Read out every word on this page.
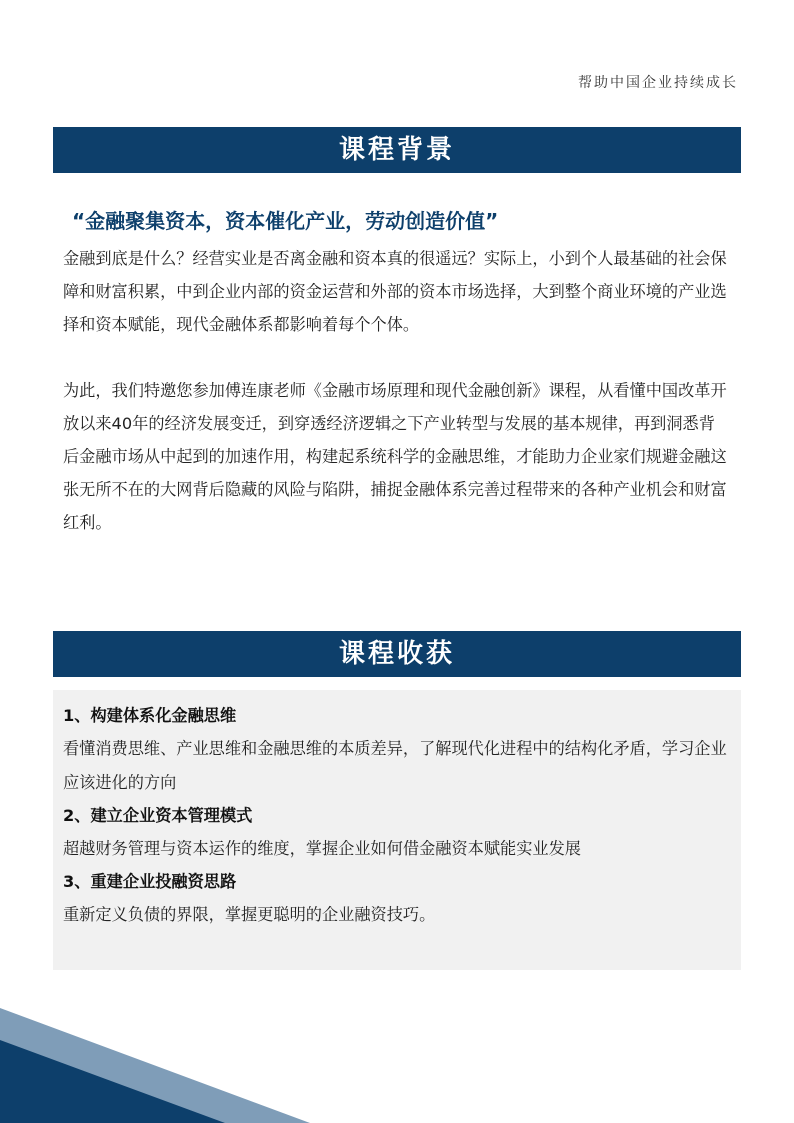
帮助中国企业持续成长
课程背景
“金融聚集资本，资本催化产业，劳动创造价值”

金融到底是什么？经营实业是否离金融和资本真的很遥远？实际上，小到个人最基础的社会保障和财富积累，中到企业内部的资金运营和外部的资本市场选择，大到整个商业环境的产业选择和资本赋能，现代金融体系都影响着每个个体。

为此，我们特邀您参加傅连康老师《金融市场原理和现代金融创新》课程，从看懂中国改革开放以来40年的经济发展变迁，到穿透经济逻辑之下产业转型与发展的基本规律，再到洞悉背后金融市场从中起到的加速作用，构建起系统科学的金融思维，才能助力企业家们规避金融这张无所不在的大网背后隐藏的风险与陷阱，捕捉金融体系完善过程带来的各种产业机会和财富红利。

课程收获
1、构建体系化金融思维
看懂消费思维、产业思维和金融思维的本质差异，了解现代化进程中的结构化矛盾，学习企业应该进化的方向
2、建立企业资本管理模式
超越财务管理与资本运作的维度，掌握企业如何借金融资本赋能实业发展
3、重建企业投融资思路
重新定义负债的界限，掌握更聪明的企业融资技巧。
